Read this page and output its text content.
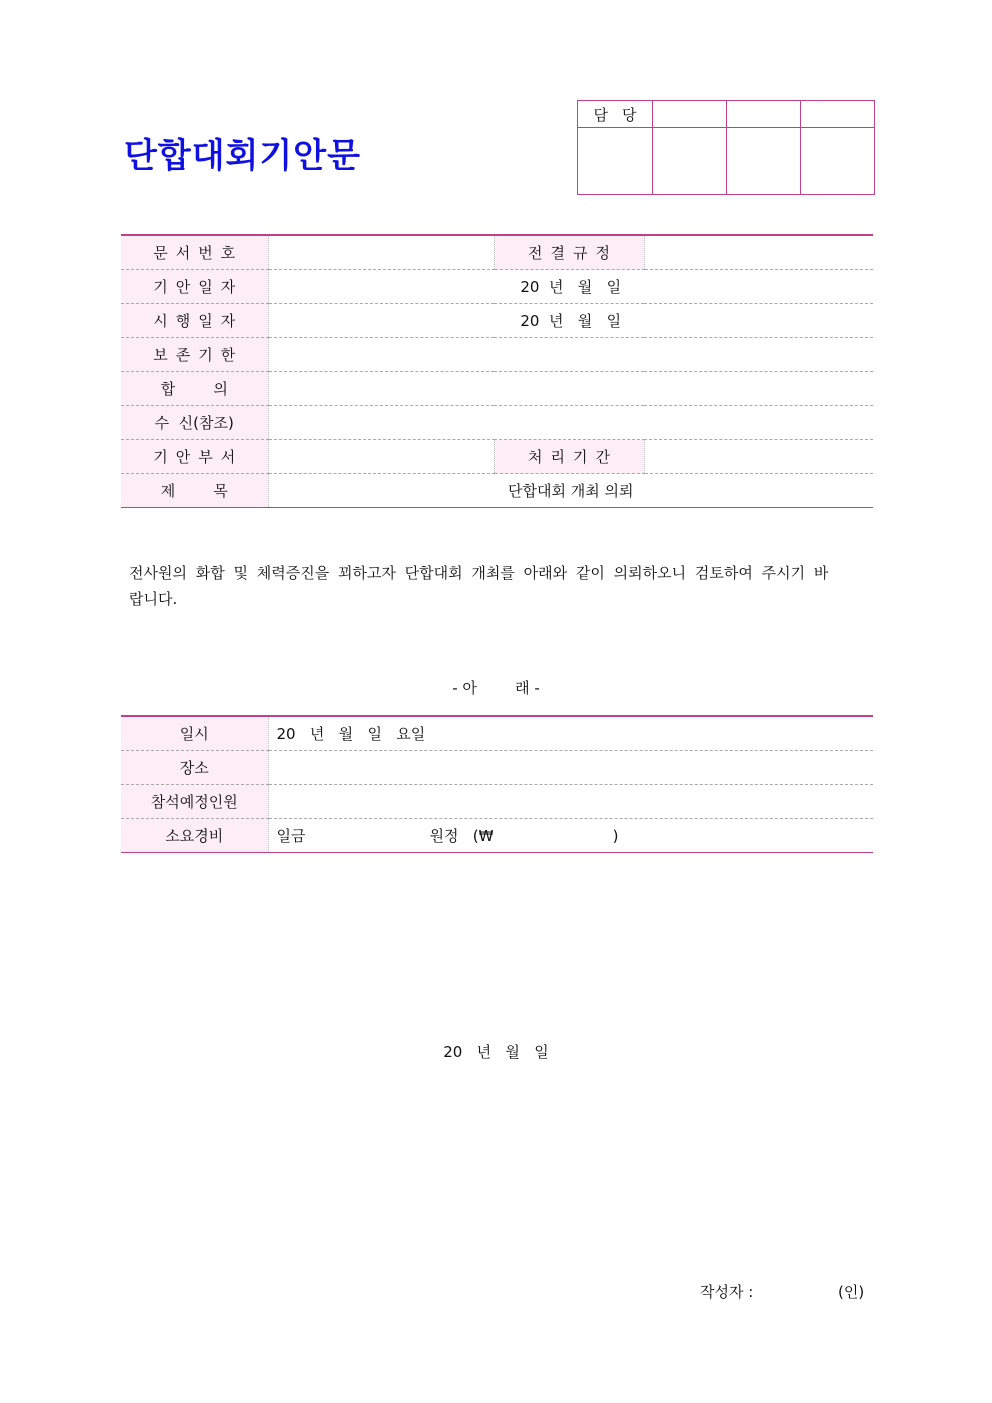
단합대회기안문
담당			

문서번호		전결규정	
기안일자	20  년   월   일		
시행일자	20  년   월   일		
보존기한			
합        의			
수  신(참조)			
기안부서		처리기간	
제        목	단합대회 개최 의뢰		
전사원의 화합 및 체력증진을 꾀하고자 단합대회 개최를 아래와 같이 의뢰하오니 검토하여 주시기 바랍니다.
- 아        래 -
일시	20   년   월   일   요일
장소	
참석예정인원	
소요경비	일금                          원정   (₩                         )
20   년   월   일
작성자 :	(인)
